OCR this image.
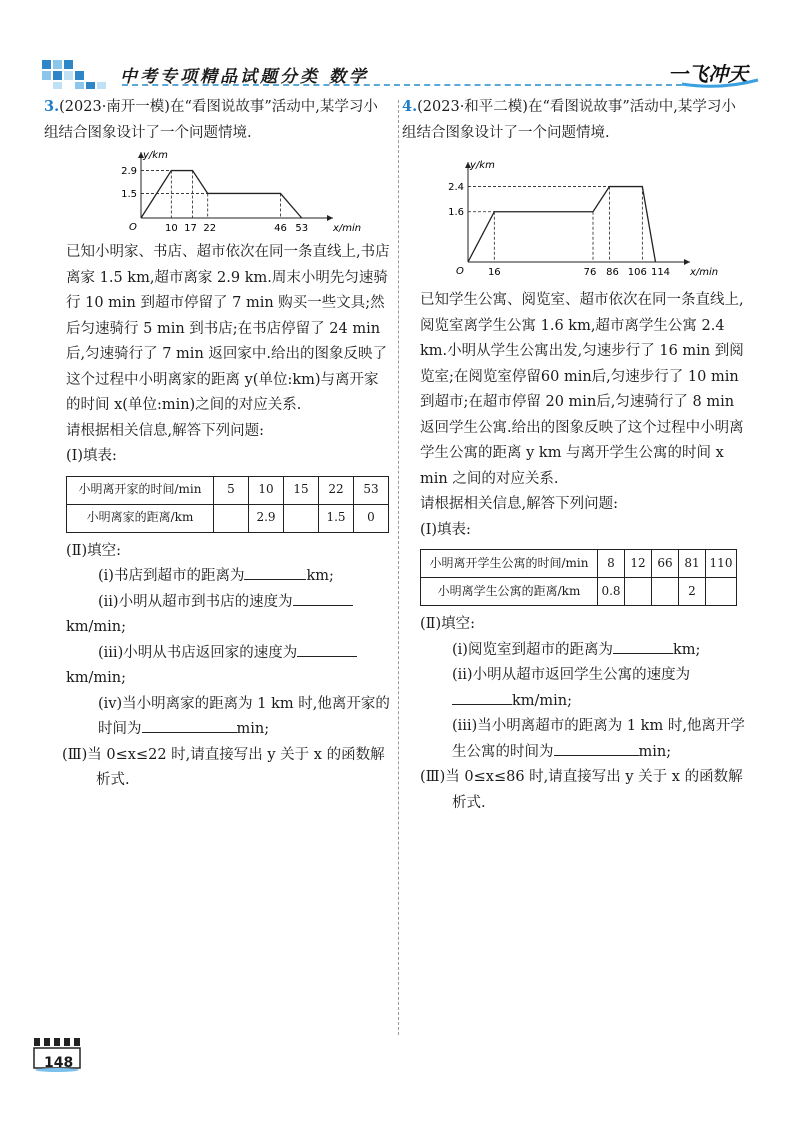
中考专项精品试题分类 数学	一飞冲天

3.(2023·南开一模)在“看图说故事”活动中,某学习小组结合图象设计了一个问题情境.

y/km
O
2.9
1.5
10 17 22	46 53 x/min

已知小明家、书店、超市依次在同一条直线上,书店离家 1.5 km,超市离家 2.9 km.周末小明先匀速骑行 10 min 到超市停留了 7 min 购买一些文具;然后匀速骑行 5 min 到书店;在书店停留了 24 min后,匀速骑行了 7 min 返回家中.给出的图象反映了这个过程中小明离家的距离 y(单位:km)与离开家的时间 x(单位:min)之间的对应关系.

请根据相关信息,解答下列问题:

(Ⅰ)填表:

小明离开家的时间/min	5	10	15	22	53
小明离家的距离/km		2.9		1.5	0

(Ⅱ)填空:

(ⅰ)书店到超市的距离为	km;

(ⅱ)小明从超市到书店的速度为

km/min;

(ⅲ)小明从书店返回家的速度为

km/min;

(ⅳ)当小明离家的距离为 1 km 时,他离开家的时间为	min;

(Ⅲ)当 0≤x≤22 时,请直接写出 y 关于 x 的函数解析式.

4.(2023·和平二模)在“看图说故事”活动中,某学习小组结合图象设计了一个问题情境.

y/km
O
2.4
1.6
16	76 86 106 114 x/min

已知学生公寓、阅览室、超市依次在同一条直线上,阅览室离学生公寓 1.6 km,超市离学生公寓 2.4 km.小明从学生公寓出发,匀速步行了 16 min 到阅览室;在阅览室停留60 min后,匀速步行了 10 min 到超市;在超市停留 20 min后,匀速骑行了 8 min 返回学生公寓.给出的图象反映了这个过程中小明离学生公寓的距离 y km 与离开学生公寓的时间 x min 之间的对应关系.

请根据相关信息,解答下列问题:

(Ⅰ)填表:

小明离开学生公寓的时间/min	8	12	66	81	110
小明离学生公寓的距离/km	0.8			2	

(Ⅱ)填空:

(ⅰ)阅览室到超市的距离为	km;

(ⅱ)小明从超市返回学生公寓的速度为

km/min;

(ⅲ)当小明离超市的距离为 1 km 时,他离开学生公寓的时间为	min;

(Ⅲ)当 0≤x≤86 时,请直接写出 y 关于 x 的函数解析式.

148
